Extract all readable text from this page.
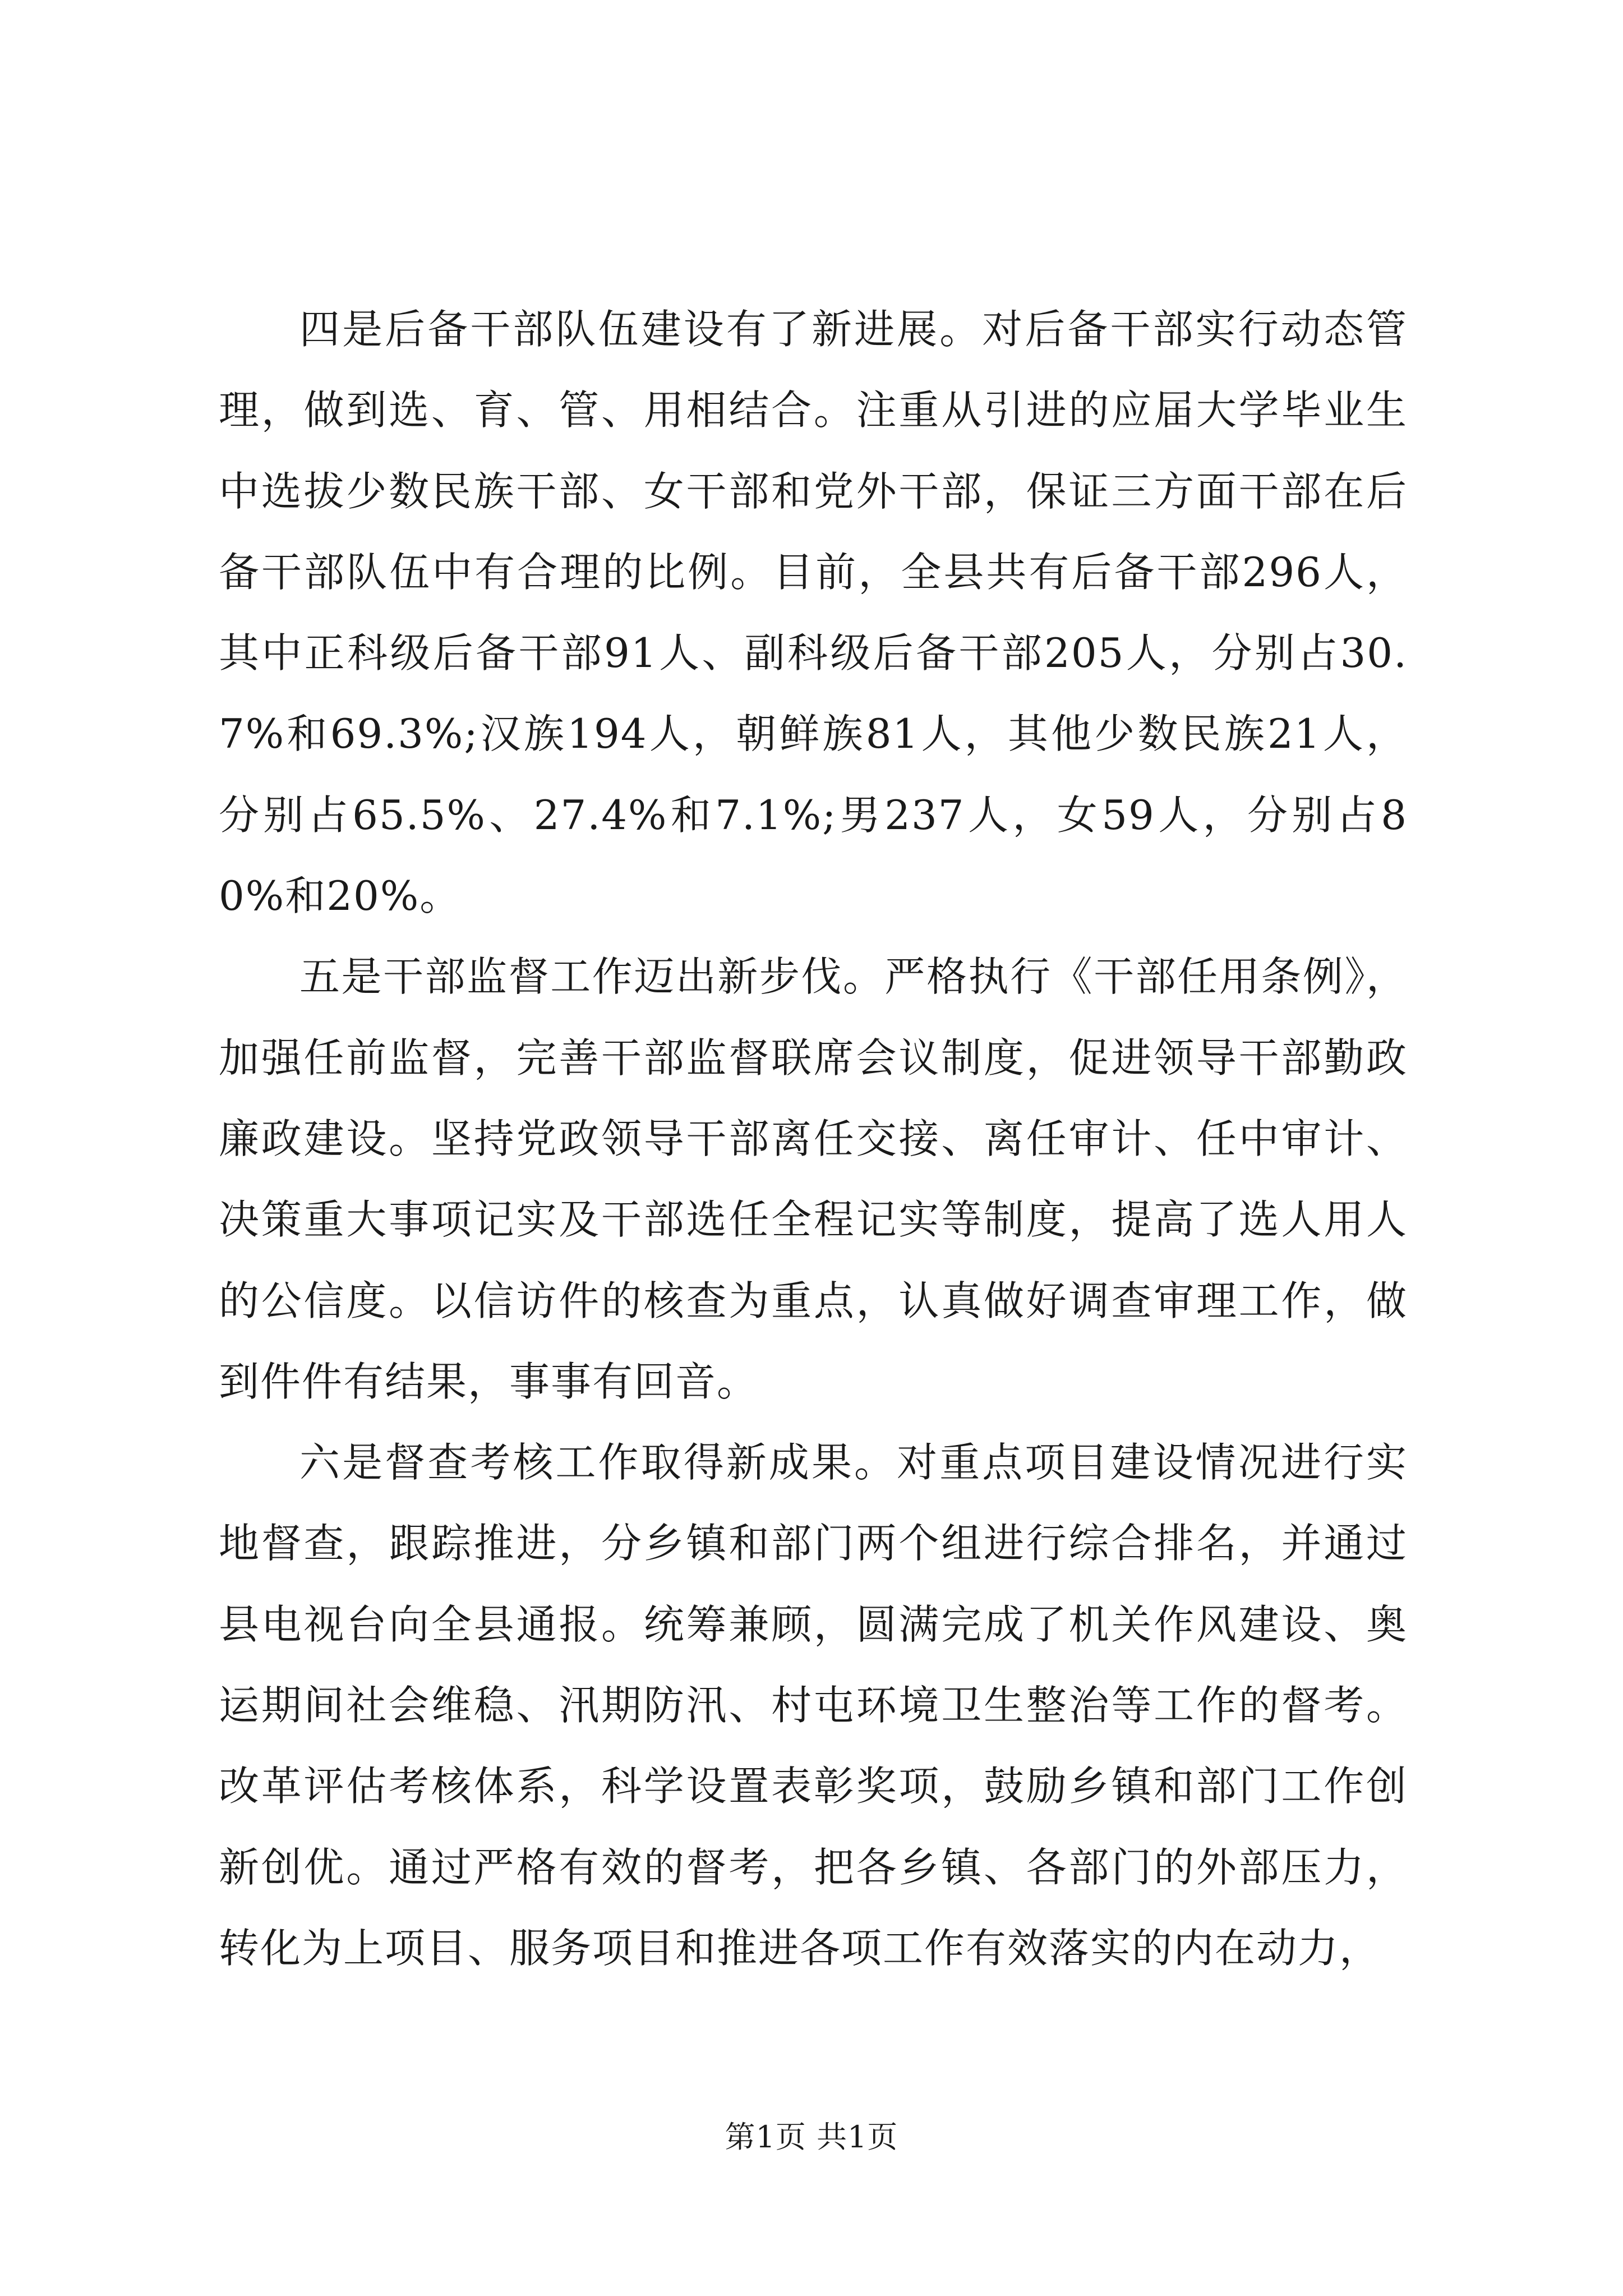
四是后备干部队伍建设有了新进展。对后备干部实行动态管理，做到选、育、管、用相结合。注重从引进的应届大学毕业生中选拔少数民族干部、女干部和党外干部，保证三方面干部在后备干部队伍中有合理的比例。目前，全县共有后备干部296人，其中正科级后备干部91人、副科级后备干部205人，分别占30.7%和69.3%;汉族194人，朝鲜族81人，其他少数民族21人，分别占65.5%、27.4%和7.1%;男237人，女59人，分别占80%和20%。

五是干部监督工作迈出新步伐。严格执行《干部任用条例》，加强任前监督，完善干部监督联席会议制度，促进领导干部勤政廉政建设。坚持党政领导干部离任交接、离任审计、任中审计、决策重大事项记实及干部选任全程记实等制度，提高了选人用人的公信度。以信访件的核查为重点，认真做好调查审理工作，做到件件有结果，事事有回音。

六是督查考核工作取得新成果。对重点项目建设情况进行实地督查，跟踪推进，分乡镇和部门两个组进行综合排名，并通过县电视台向全县通报。统筹兼顾，圆满完成了机关作风建设、奥运期间社会维稳、汛期防汛、村屯环境卫生整治等工作的督考。改革评估考核体系，科学设置表彰奖项，鼓励乡镇和部门工作创新创优。通过严格有效的督考，把各乡镇、各部门的外部压力，转化为上项目、服务项目和推进各项工作有效落实的内在动力，

第1页 共1页
